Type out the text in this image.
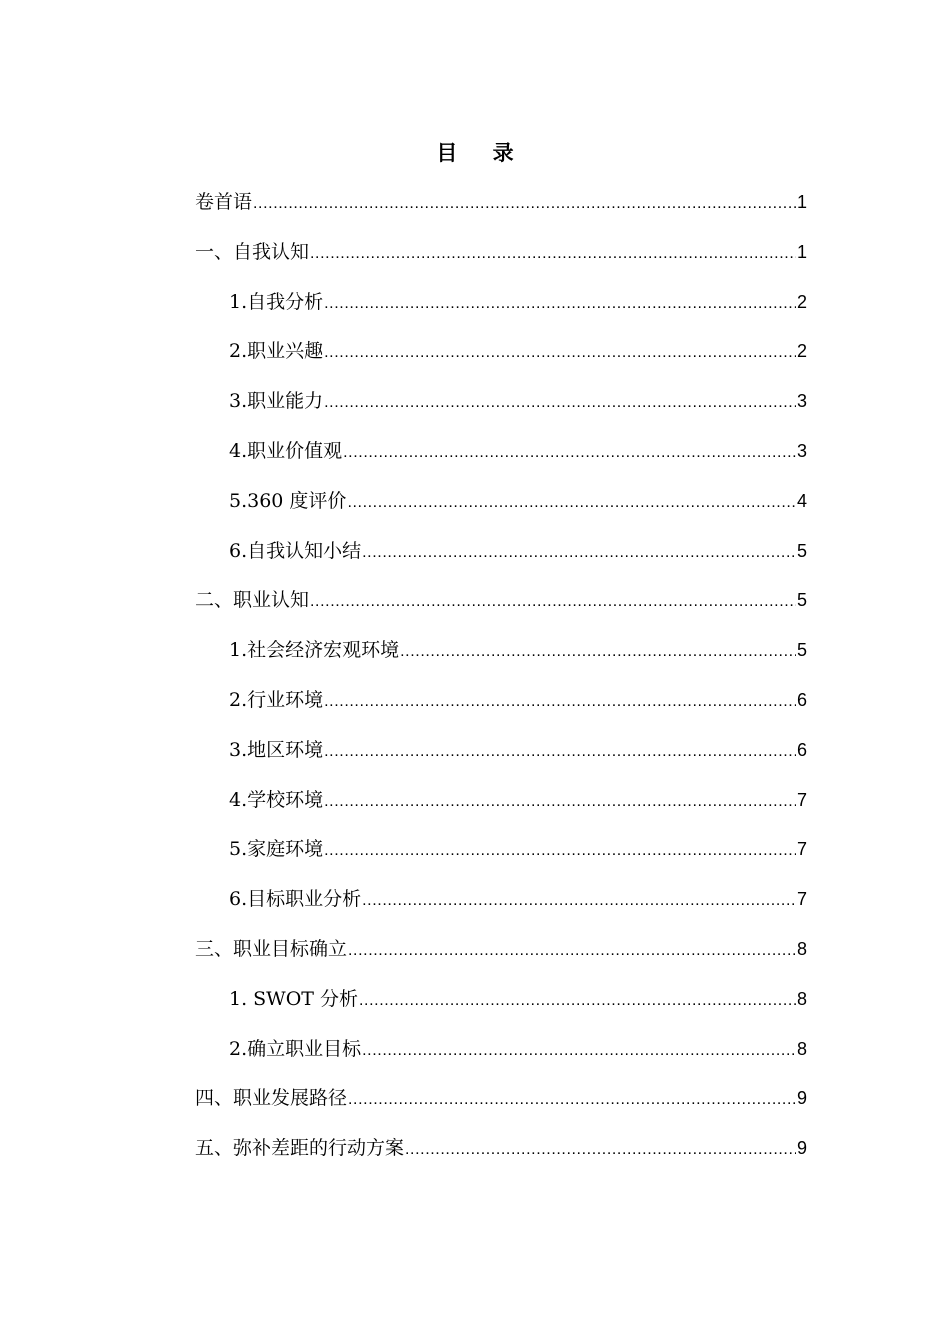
目 录
卷首语 .....	1
一、自我认知 .....	1
1.自我分析 .....	2
2.职业兴趣 .....	2
3.职业能力 .....	3
4.职业价值观 .....	3
5.360 度评价 .....	4
6.自我认知小结 .....	5
二、职业认知 .....	5
1.社会经济宏观环境 .....	5
2.行业环境 .....	6
3.地区环境 .....	6
4.学校环境 .....	7
5.家庭环境 .....	7
6.目标职业分析 .....	7
三、职业目标确立 .....	8
1. SWOT 分析 .....	8
2.确立职业目标 .....	8
四、职业发展路径 .....	9
五、弥补差距的行动方案 .....	9
